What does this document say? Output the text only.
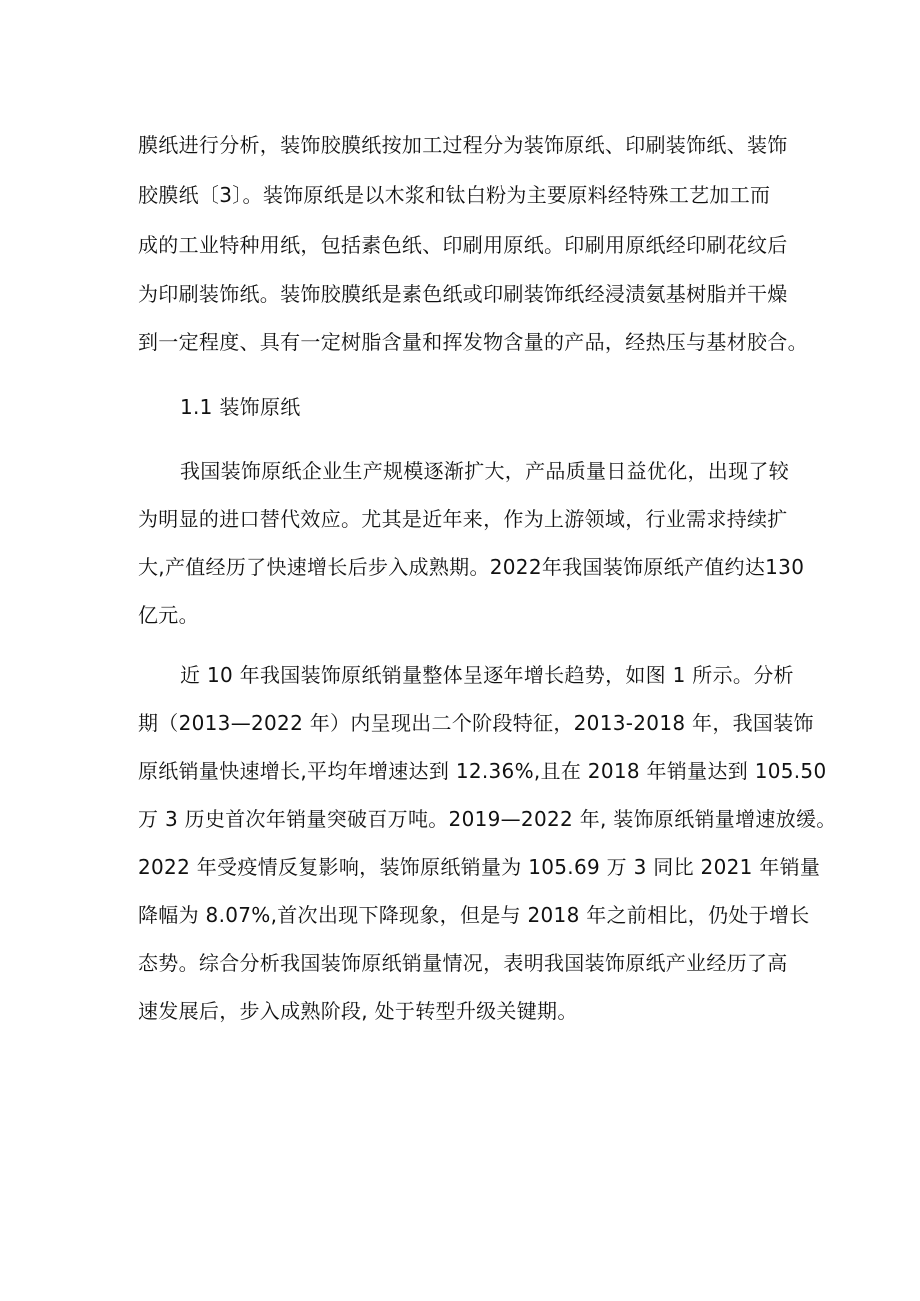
膜纸进行分析，装饰胶膜纸按加工过程分为装饰原纸、印刷装饰纸、装饰
胶膜纸〔3〕。装饰原纸是以木浆和钛白粉为主要原料经特殊工艺加工而
成的工业特种用纸，包括素色纸、印刷用原纸。印刷用原纸经印刷花纹后
为印刷装饰纸。装饰胶膜纸是素色纸或印刷装饰纸经浸渍氨基树脂并干燥
到一定程度、具有一定树脂含量和挥发物含量的产品，经热压与基材胶合。
1.1 装饰原纸
我国装饰原纸企业生产规模逐渐扩大，产品质量日益优化，出现了较
为明显的进口替代效应。尤其是近年来，作为上游领域，行业需求持续扩
大,产值经历了快速增长后步入成熟期。2022年我国装饰原纸产值约达130
亿元。
近 10 年我国装饰原纸销量整体呈逐年增长趋势，如图 1 所示。分析
期（2013—2022 年）内呈现出二个阶段特征，2013-2018 年，我国装饰
原纸销量快速增长,平均年增速达到 12.36%,且在 2018 年销量达到 105.50
万 3 历史首次年销量突破百万吨。2019—2022 年, 装饰原纸销量增速放缓。
2022 年受疫情反复影响，装饰原纸销量为 105.69 万 3 同比 2021 年销量
降幅为 8.07%,首次出现下降现象，但是与 2018 年之前相比，仍处于增长
态势。综合分析我国装饰原纸销量情况，表明我国装饰原纸产业经历了高
速发展后，步入成熟阶段, 处于转型升级关键期。
